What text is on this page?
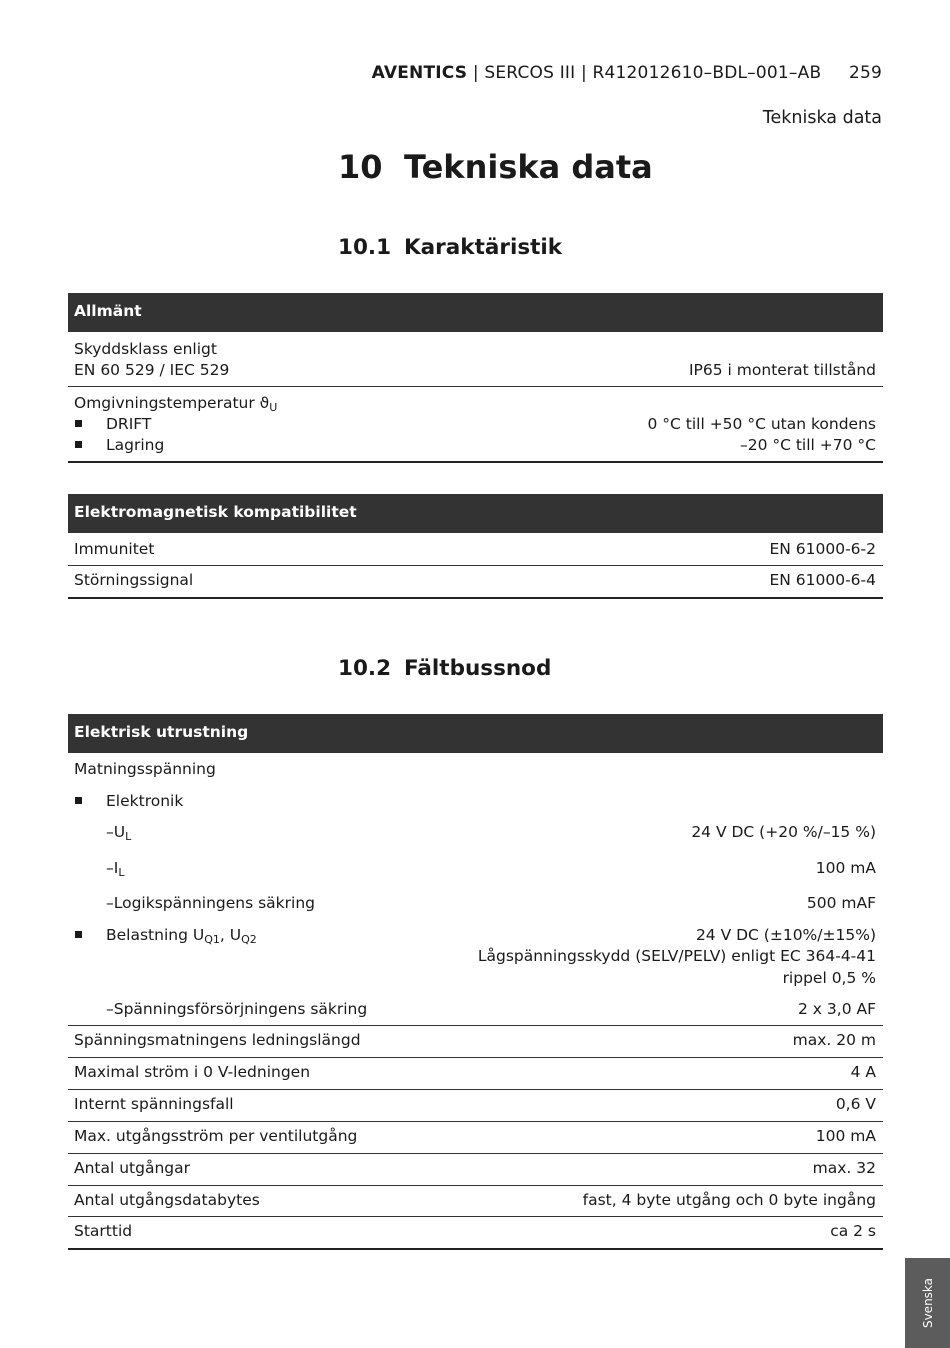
AVENTICS | SERCOS III | R412012610–BDL–001–AB 259
Tekniska data
10 Tekniska data
10.1 Karaktäristik
Allmänt
Skyddsklass enligt
EN 60 529 / IEC 529	IP65 i monterat tillstånd
Omgivningstemperatur $ϑ_U$
DRIFT	0 °C till +50 °C utan kondens
Lagring	–20 °C till +70 °C
Elektromagnetisk kompatibilitet
Immunitet	EN 61000-6-2
Störningssignal	EN 61000-6-4
10.2 Fältbussnod
Elektrisk utrustning
Matningsspänning
Elektronik
$-U_L$	24 V DC (+20 %/–15 %)
$-I_L$	100 mA
–Logikspänningens säkring	500 mAF
Belastning $U_{Q1}$, $U_{Q2}$	24 V DC (±10%/±15%)
Lågspänningsskydd (SELV/PELV) enligt EC 364-4-41
rippel 0,5 %
–Spänningsförsörjningens säkring	2 x 3,0 AF
Spänningsmatningens ledningslängd	max. 20 m
Maximal ström i 0 V-ledningen	4 A
Internt spänningsfall	0,6 V
Max. utgångsström per ventilutgång	100 mA
Antal utgångar	max. 32
Antal utgångsdatabytes	fast, 4 byte utgång och 0 byte ingång
Starttid	ca 2 s
Svenska
